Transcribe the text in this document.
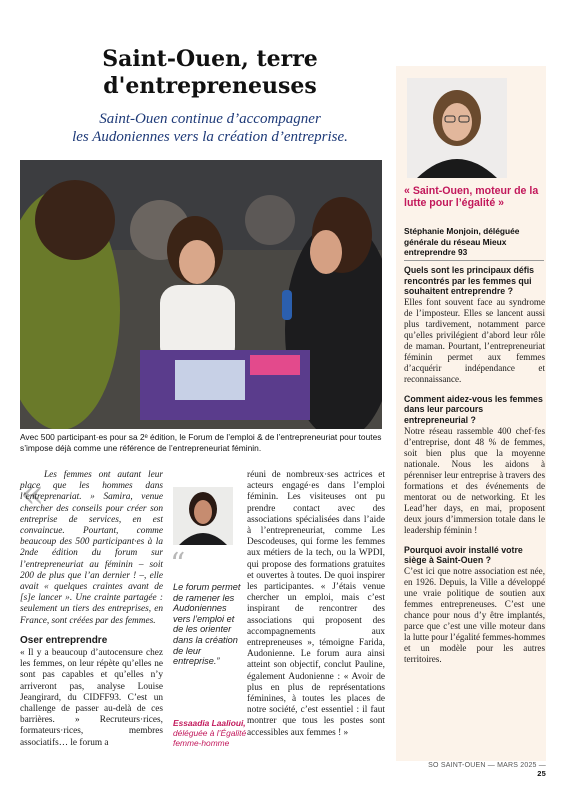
Saint-Ouen, terre
d'entrepreneuses
Saint-Ouen continue d’accompagner
les Audoniennes vers la création d’entreprise.
Avec 500 participant·es pour sa 2ᵉ édition, le Forum de l’emploi & de l’entrepreneuriat pour toutes s’impose déjà comme une référence de l’entrepreneuriat féminin.
« Les femmes ont autant leur place que les hommes dans l’entreprenariat. » Samira, venue chercher des conseils pour créer son entreprise de services, en est convaincue. Pourtant, comme beaucoup des 500 participant·es à la 2nde édition du forum sur l’entrepreneuriat au féminin – soit 200 de plus que l’an dernier ! –, elle avait « quelques craintes avant de [s]e lancer ». Une crainte partagée : seulement un tiers des entreprises, en France, sont créées par des femmes.

Oser entreprendre

« Il y a beaucoup d’autocensure chez les femmes, on leur répète qu’elles ne sont pas capables et qu’elles n’y arriveront pas, analyse Louise Jeangirard, du CIDFF93. C’est un challenge de passer au-delà de ces barrières. » Recruteurs·rices, formateurs·rices, membres associatifs… le forum a

“
Le forum permet de ramener les Audoniennes vers l’emploi et de les orienter dans la création de leur entreprise.”
Essaadia Laalioui,
déléguée à l’Égalité femme-homme
réuni de nombreux·ses actrices et acteurs engagé·es dans l’emploi féminin. Les visiteuses ont pu prendre contact avec des associations spécialisées dans l’aide à l’entrepreneuriat, comme Les Descodeuses, qui forme les femmes aux métiers de la tech, ou la WPDI, qui propose des formations gratuites et ouvertes à toutes. De quoi inspirer les participantes. « J’étais venue chercher un emploi, mais c’est inspirant de rencontrer des associations qui proposent des accompagnements aux entrepreneuses », témoigne Farida, Audonienne. Le forum aura ainsi atteint son objectif, conclut Pauline, également Audonienne : « Avoir de plus en plus de représentations féminines, à toutes les places de notre société, c’est essentiel : il faut montrer que tous les postes sont accessibles aux femmes ! »
« Saint-Ouen, moteur de la lutte pour l’égalité »
Stéphanie Monjoin, déléguée générale du réseau Mieux entreprendre 93
Quels sont les principaux défis rencontrés par les femmes qui souhaitent entreprendre ?

Elles font souvent face au syndrome de l’imposteur. Elles se lancent aussi plus tardivement, notamment parce qu’elles privilégient d’abord leur rôle de maman. Pourtant, l’entrepreneuriat féminin permet aux femmes d’acquérir indépendance et reconnaissance.

Comment aidez-vous les femmes dans leur parcours entrepreneurial ?

Notre réseau rassemble 400 chef·fes d’entreprise, dont 48 % de femmes, soit bien plus que la moyenne nationale. Nous les aidons à pérenniser leur entreprise à travers des formations et des événements de mentorat ou de networking. Et les Lead’her days, en mai, proposent deux jours d’immersion totale dans le leadership féminin !

Pourquoi avoir installé votre siège à Saint-Ouen ?

C’est ici que notre association est née, en 1926. Depuis, la Ville a développé une vraie politique de soutien aux femmes entrepreneuses. C’est une chance pour nous d’y être implantés, parce que c’est une ville moteur dans la lutte pour l’égalité femmes-hommes et un modèle pour les autres territoires.

SO SAINT-OUEN — MARS 2025 — 25
